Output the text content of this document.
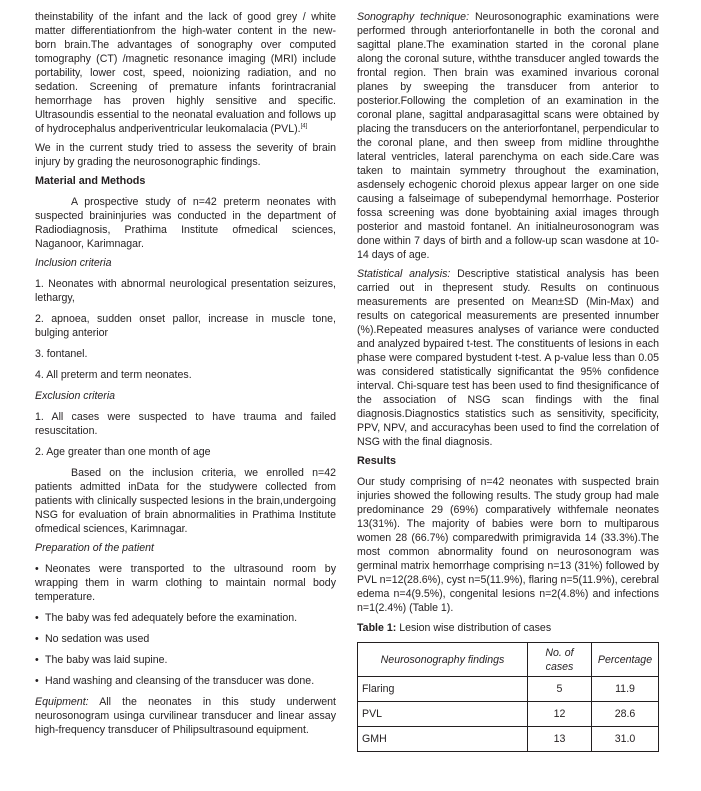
theinstability of the infant and the lack of good grey / white matter differentiationfrom the high-water content in the new-born brain.The advantages of sonography over computed tomography (CT) /magnetic resonance imaging (MRI) include portability, lower cost, speed, noionizing radiation, and no sedation. Screening of premature infants forintracranial hemorrhage has proven highly sensitive and specific. Ultrasoundis essential to the neonatal evaluation and follows up of hydrocephalus andperiventricular leukomalacia (PVL).[4]

We in the current study tried to assess the severity of brain injury by grading the neurosonographic findings.

Material and Methods

A prospective study of n=42 preterm neonates with suspected braininjuries was conducted in the department of Radiodiagnosis, Prathima Institute ofmedical sciences, Naganoor, Karimnagar.

Inclusion criteria
1. Neonates with abnormal neurological presentation seizures, lethargy,
2. apnoea, sudden onset pallor, increase in muscle tone, bulging anterior
3. fontanel.
4. All preterm and term neonates.
Exclusion criteria
1. All cases were suspected to have trauma and failed resuscitation.
2. Age greater than one month of age

Based on the inclusion criteria, we enrolled n=42 patients admitted inData for the studywere collected from patients with clinically suspected lesions in the brain,undergoing NSG for evaluation of brain abnormalities in Prathima Institute ofmedical sciences, Karimnagar.

Preparation of the patient
• Neonates were transported to the ultrasound room by wrapping them in warm clothing to maintain normal body temperature.
• The baby was fed adequately before the examination.
• No sedation was used
• The baby was laid supine.
• Hand washing and cleansing of the transducer was done.

Equipment: All the neonates in this study underwent neurosonogram usinga curvilinear transducer and linear assay high-frequency transducer of Philipsultrasound equipment.

Sonography technique: Neurosonographic examinations were performed through anteriorfontanelle in both the coronal and sagittal plane.The examination started in the coronal plane along the coronal suture, withthe transducer angled towards the frontal region. Then brain was examined invarious coronal planes by sweeping the transducer from anterior to posterior.Following the completion of an examination in the coronal plane, sagittal andparasagittal scans were obtained by placing the transducers on the anteriorfontanel, perpendicular to the coronal plane, and then sweep from midline throughthe lateral ventricles, lateral parenchyma on each side.Care was taken to maintain symmetry throughout the examination, asdensely echogenic choroid plexus appear larger on one side causing a falseimage of subependymal hemorrhage. Posterior fossa screening was done byobtaining axial images through posterior and mastoid fontanel. An initialneurosonogram was done within 7 days of birth and a follow-up scan wasdone at 10-14 days of age.

Statistical analysis: Descriptive statistical analysis has been carried out in thepresent study. Results on continuous measurements are presented on Mean±SD (Min-Max) and results on categorical measurements are presented innumber (%).Repeated measures analyses of variance were conducted and analyzed bypaired t-test. The constituents of lesions in each phase were compared bystudent t-test. A p-value less than 0.05 was considered statistically significantat the 95% confidence interval. Chi-square test has been used to find thesignificance of the association of NSG scan findings with the final diagnosis.Diagnostics statistics such as sensitivity, specificity, PPV, NPV, and accuracyhas been used to find the correlation of NSG with the final diagnosis.

Results

Our study comprising of n=42 neonates with suspected brain injuries showed the following results. The study group had male predominance 29 (69%) comparatively withfemale neonates 13(31%). The majority of babies were born to multiparous women 28 (66.7%) comparedwith primigravida 14 (33.3%).The most common abnormality found on neurosonogram was germinal matrix hemorrhage comprising n=13 (31%) followed by PVL n=12(28.6%), cyst n=5(11.9%), flaring n=5(11.9%), cerebral edema n=4(9.5%), congenital lesions n=2(4.8%) and infections n=1(2.4%) (Table 1).

Table 1: Lesion wise distribution of cases
Neurosonography findings	No. of cases	Percentage
Flaring	5	11.9
PVL	12	28.6
GMH	13	31.0
